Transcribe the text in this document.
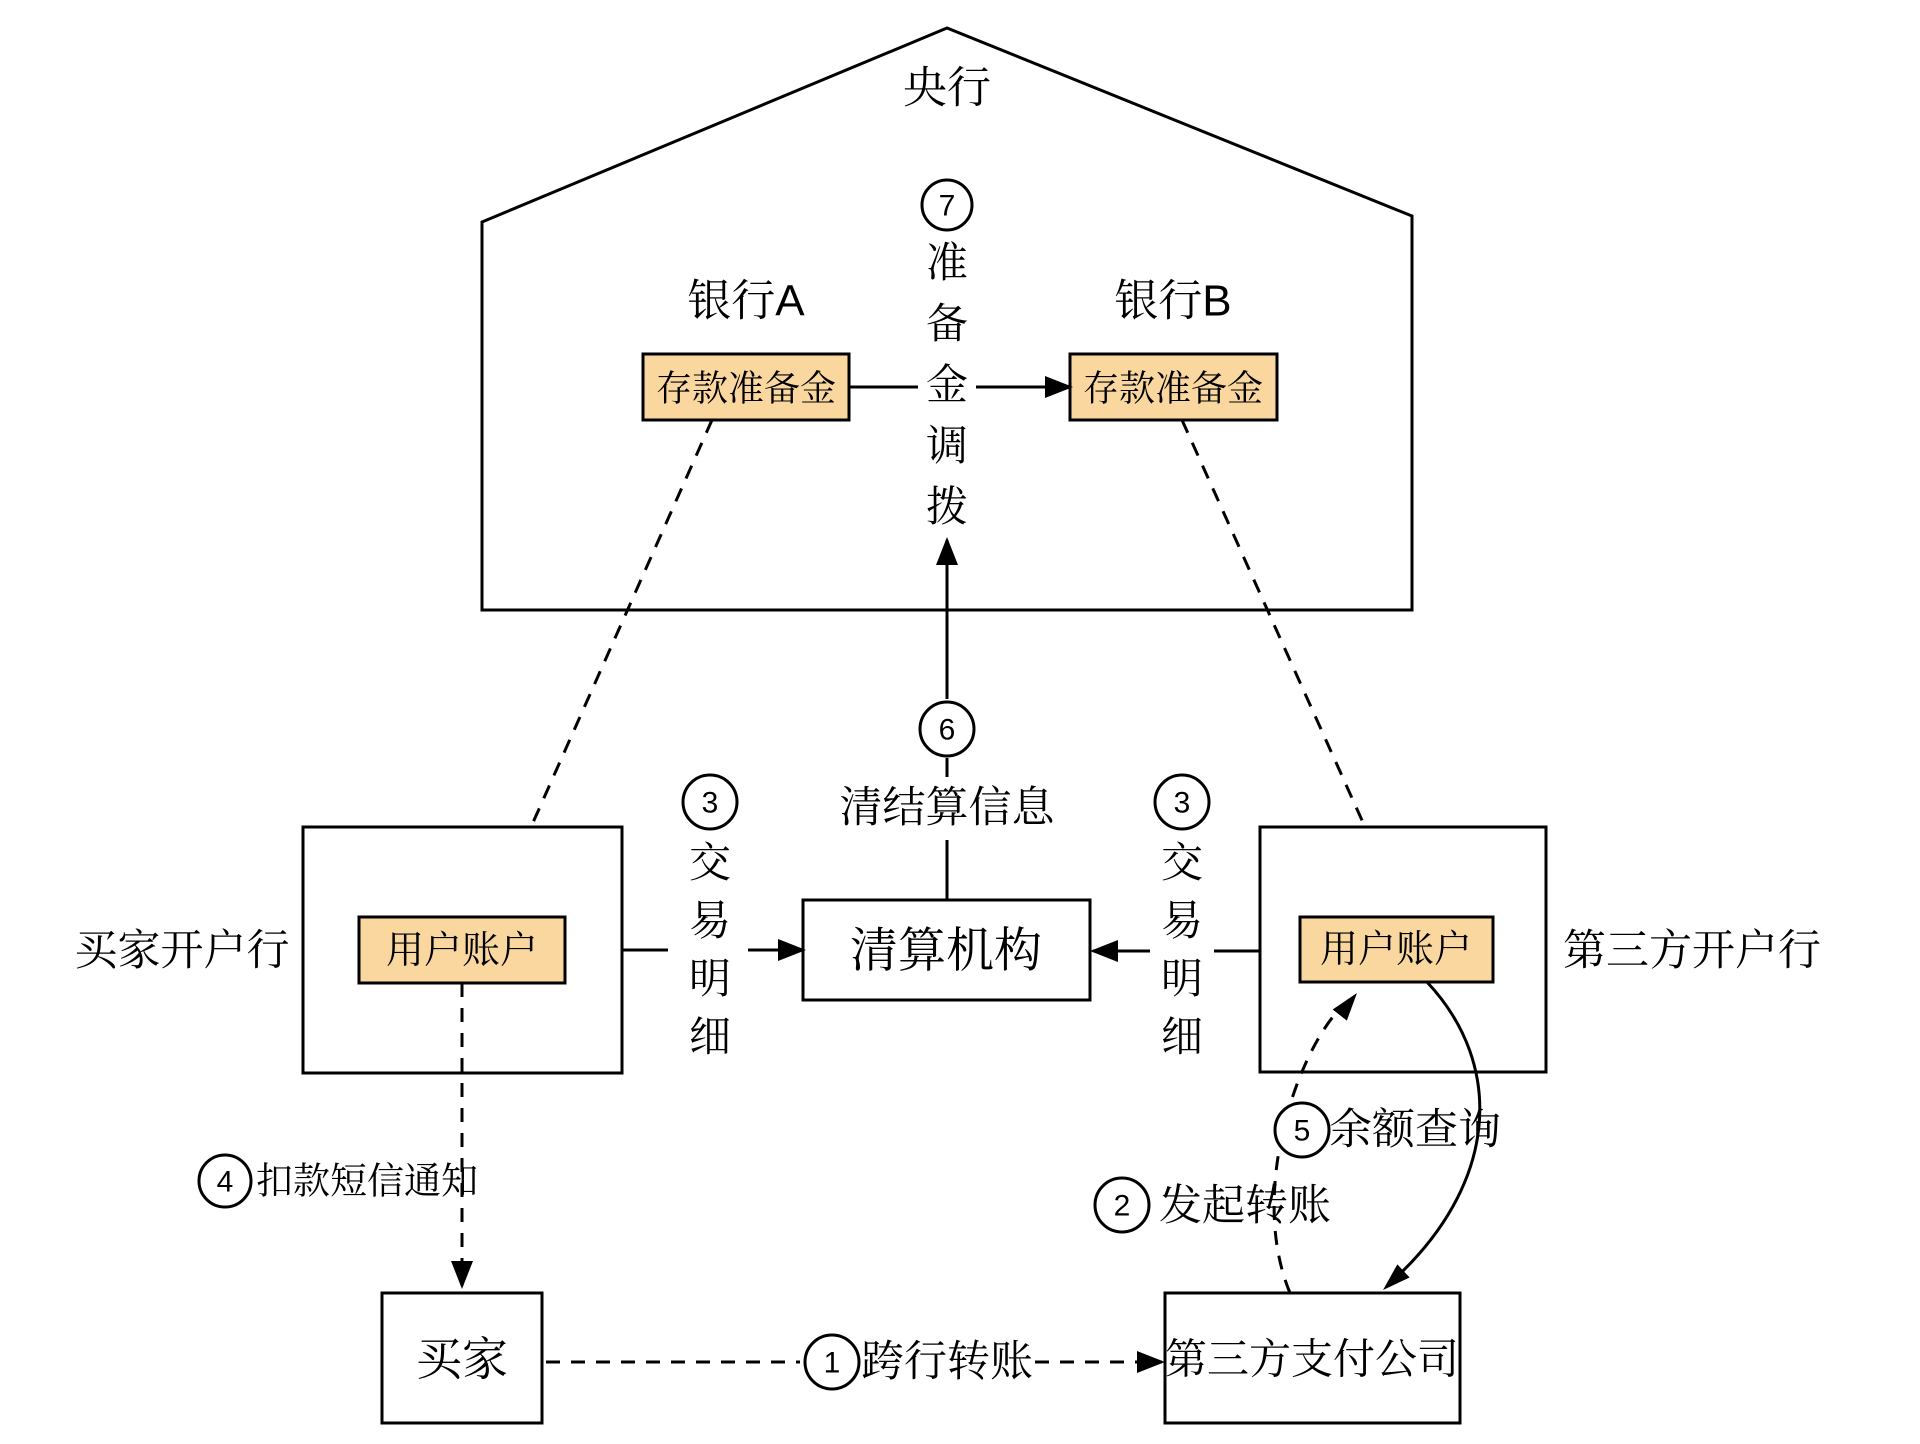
央行
银行A	银行B
存款准备金	存款准备金
7
准备金调拨
6
清结算信息
清算机构
买家开户行	用户账户
3
交易明细
第三方开户行
用户账户
3
交易明细
4 扣款短信通知
买家	1 跨行转账	第三方支付公司
2 发起转账
5 余额查询
